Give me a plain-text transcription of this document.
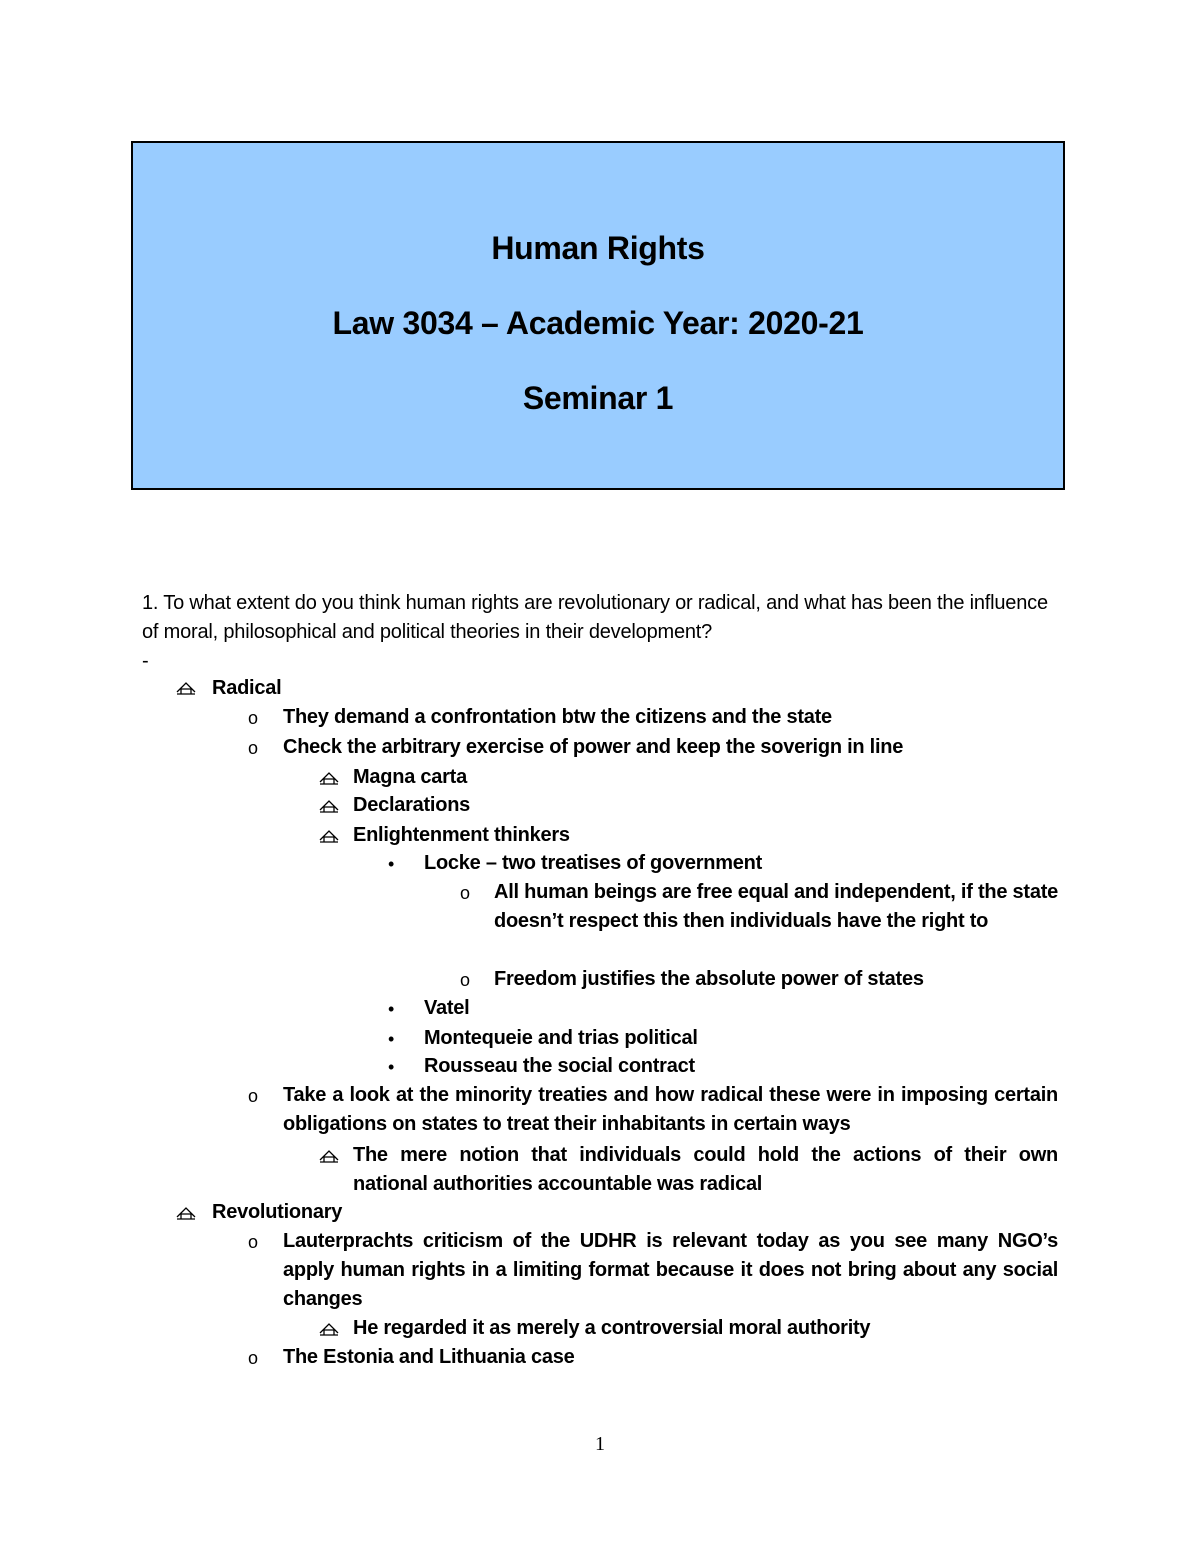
Human Rights
Law 3034 – Academic Year: 2020-21
Seminar 1
1. To what extent do you think human rights are revolutionary or radical, and what has been the influence of moral, philosophical and political theories in their development?
-
Radical
o They demand a confrontation btw the citizens and the state
o Check the arbitrary exercise of power and keep the soverign in line
Magna carta
Declarations
Enlightenment thinkers
• Locke – two treatises of government
o All human beings are free equal and independent, if the state doesn’t respect this then individuals have the right to
o Freedom justifies the absolute power of states
• Vatel
• Montequeie and trias political
• Rousseau the social contract
o Take a look at the minority treaties and how radical these were in imposing certain obligations on states to treat their inhabitants in certain ways
The mere notion that individuals could hold the actions of their own national authorities accountable was radical
Revolutionary
o Lauterprachts criticism of the UDHR is relevant today as you see many NGO’s apply human rights in a limiting format because it does not bring about any social changes
He regarded it as merely a controversial moral authority
o The Estonia and Lithuania case
1
